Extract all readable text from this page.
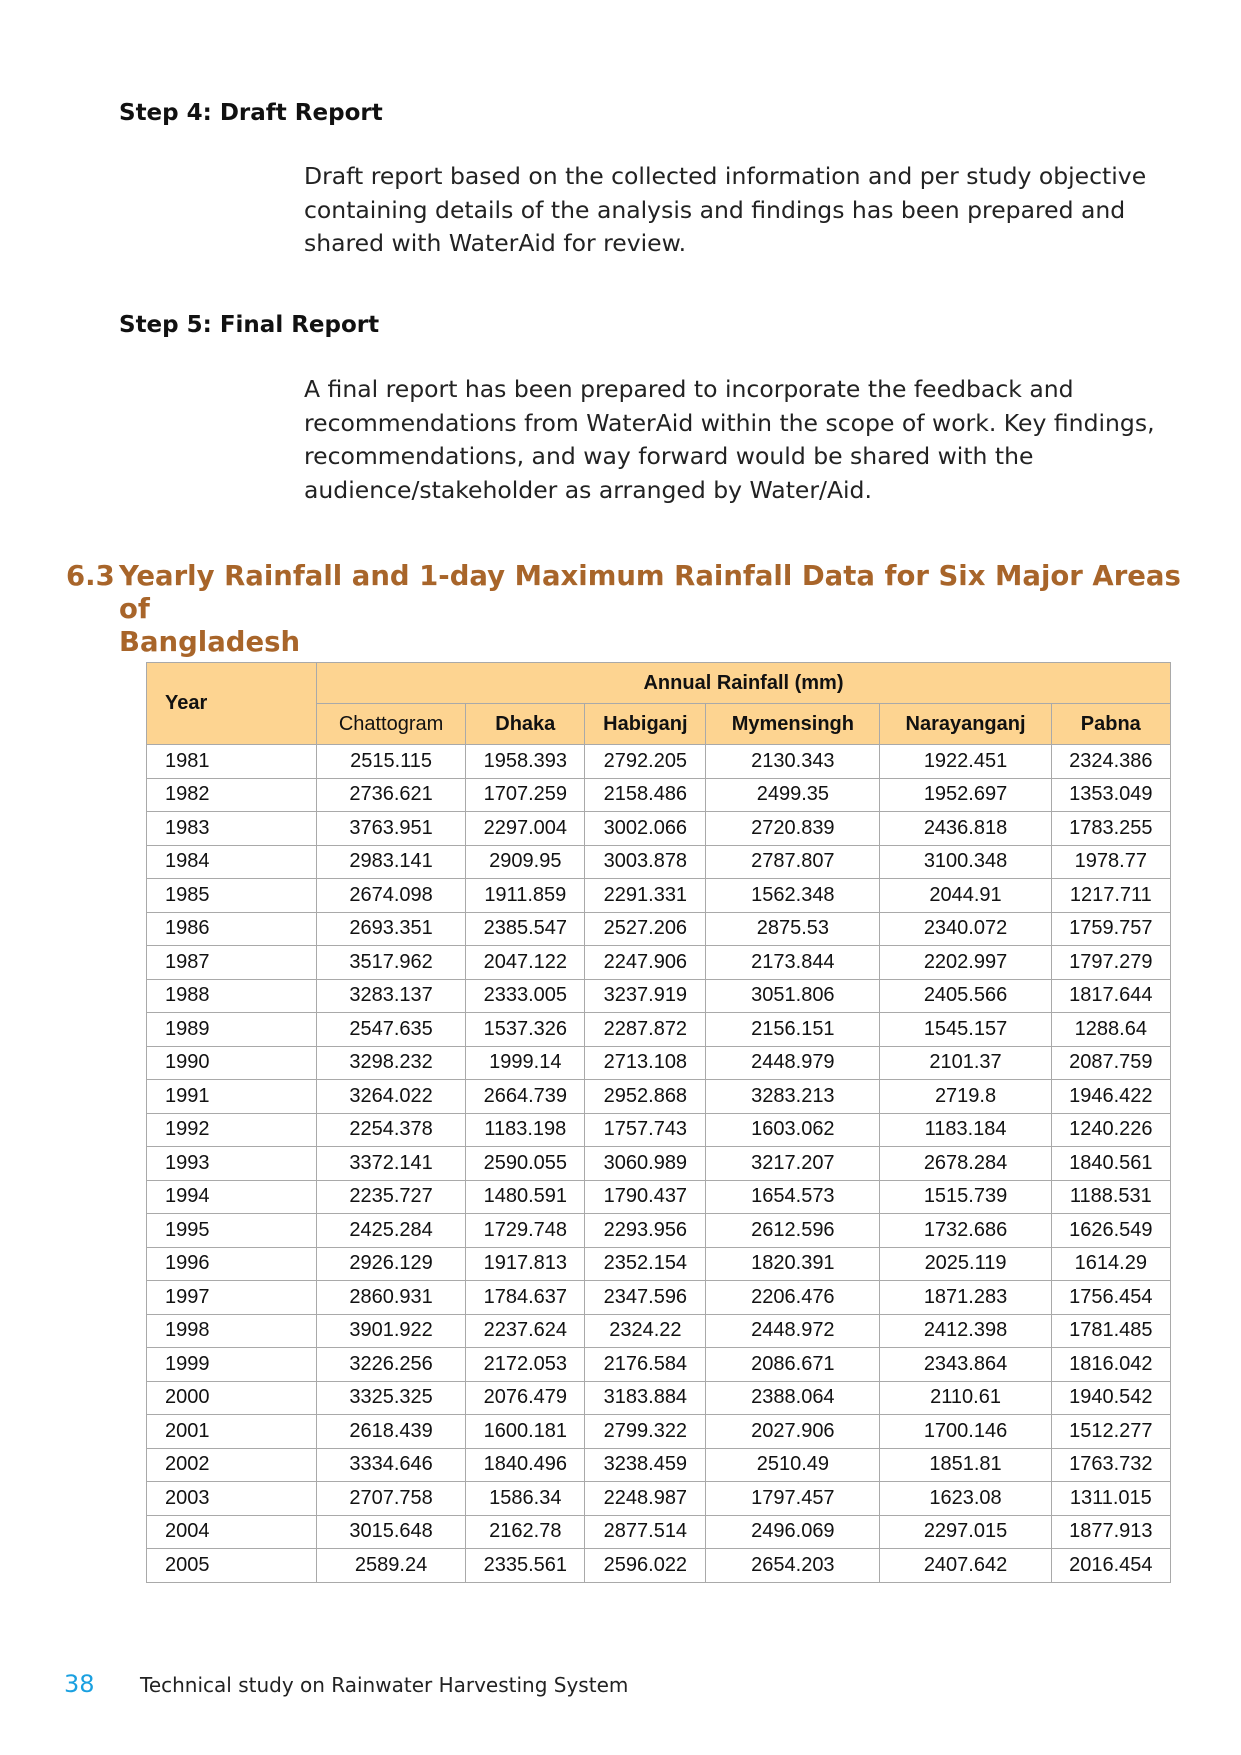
Step 4: Draft Report
Draft report based on the collected information and per study objective
containing details of the analysis and findings has been prepared and
shared with WaterAid for review.
Step 5: Final Report
A final report has been prepared to incorporate the feedback and
recommendations from WaterAid within the scope of work. Key findings,
recommendations, and way forward would be shared with the
audience/stakeholder as arranged by Water/Aid.
6.3 Yearly Rainfall and 1-day Maximum Rainfall Data for Six Major Areas of
Bangladesh
Year	Annual Rainfall (mm)					
	Chattogram	Dhaka	Habiganj	Mymensingh	Narayanganj	Pabna
1981	2515.115	1958.393	2792.205	2130.343	1922.451	2324.386
1982	2736.621	1707.259	2158.486	2499.35	1952.697	1353.049
1983	3763.951	2297.004	3002.066	2720.839	2436.818	1783.255
1984	2983.141	2909.95	3003.878	2787.807	3100.348	1978.77
1985	2674.098	1911.859	2291.331	1562.348	2044.91	1217.711
1986	2693.351	2385.547	2527.206	2875.53	2340.072	1759.757
1987	3517.962	2047.122	2247.906	2173.844	2202.997	1797.279
1988	3283.137	2333.005	3237.919	3051.806	2405.566	1817.644
1989	2547.635	1537.326	2287.872	2156.151	1545.157	1288.64
1990	3298.232	1999.14	2713.108	2448.979	2101.37	2087.759
1991	3264.022	2664.739	2952.868	3283.213	2719.8	1946.422
1992	2254.378	1183.198	1757.743	1603.062	1183.184	1240.226
1993	3372.141	2590.055	3060.989	3217.207	2678.284	1840.561
1994	2235.727	1480.591	1790.437	1654.573	1515.739	1188.531
1995	2425.284	1729.748	2293.956	2612.596	1732.686	1626.549
1996	2926.129	1917.813	2352.154	1820.391	2025.119	1614.29
1997	2860.931	1784.637	2347.596	2206.476	1871.283	1756.454
1998	3901.922	2237.624	2324.22	2448.972	2412.398	1781.485
1999	3226.256	2172.053	2176.584	2086.671	2343.864	1816.042
2000	3325.325	2076.479	3183.884	2388.064	2110.61	1940.542
2001	2618.439	1600.181	2799.322	2027.906	1700.146	1512.277
2002	3334.646	1840.496	3238.459	2510.49	1851.81	1763.732
2003	2707.758	1586.34	2248.987	1797.457	1623.08	1311.015
2004	3015.648	2162.78	2877.514	2496.069	2297.015	1877.913
2005	2589.24	2335.561	2596.022	2654.203	2407.642	2016.454
38 Technical study on Rainwater Harvesting System
